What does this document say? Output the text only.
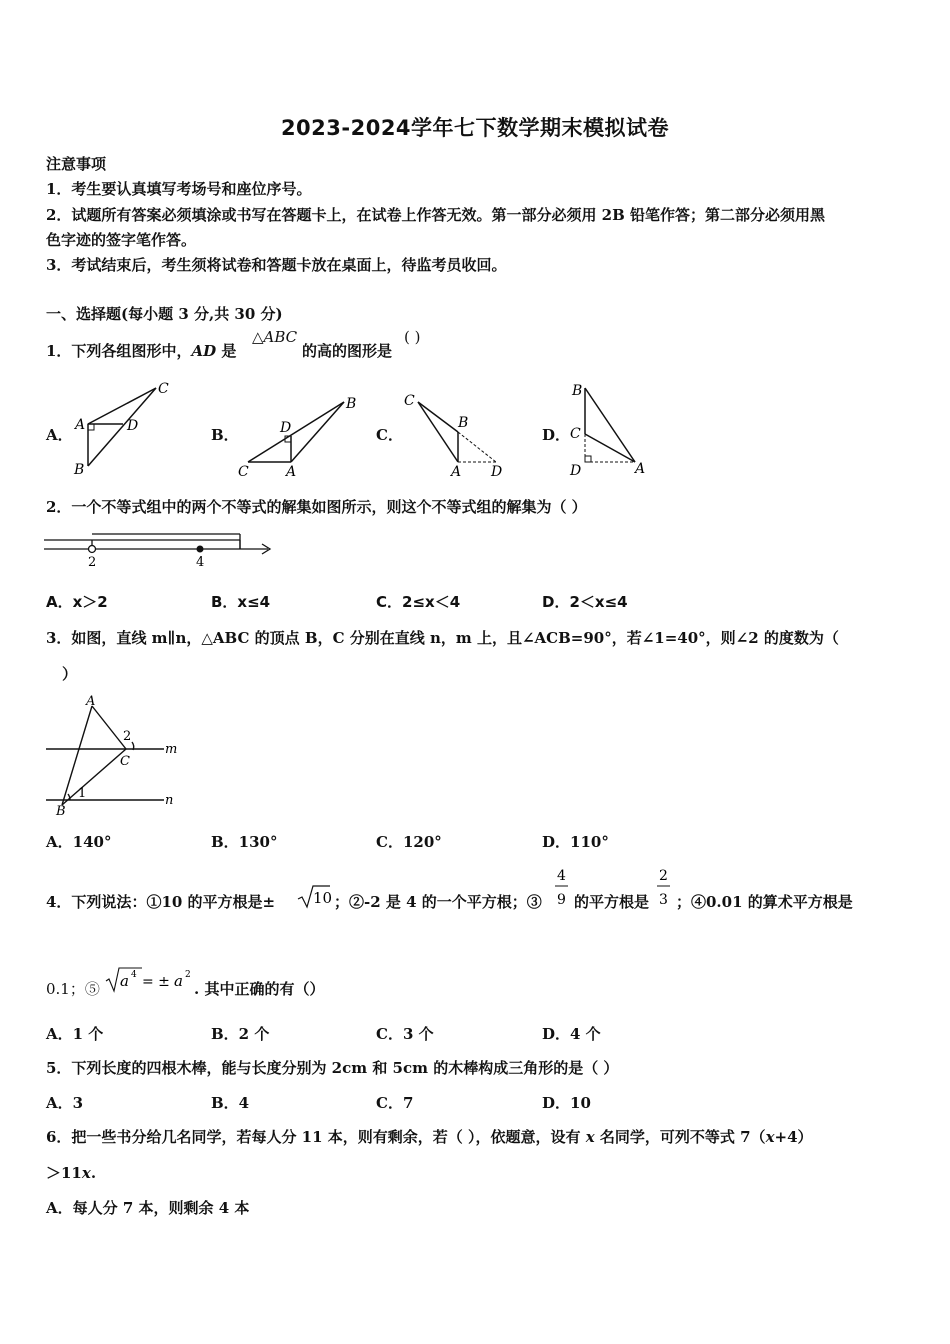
2023-2024学年七下数学期末模拟试卷
注意事项
1．考生要认真填写考场号和座位序号。
2．试题所有答案必须填涂或书写在答题卡上，在试卷上作答无效。第一部分必须用 2B 铅笔作答；第二部分必须用黑
色字迹的签字笔作答。
3．考试结束后，考生须将试卷和答题卡放在桌面上，待监考员收回。
一、选择题(每小题 3 分,共 30 分)
1．下列各组图形中，AD 是
△ABC
的高的图形是
( )
A．	B．	C．	D．
C
A	D
B
D
B
C	A
C
B
A D
B
C
D	A
2．一个不等式组中的两个不等式的解集如图所示，则这个不等式组的解集为（ ）
2	4
A．x＞2	B．x≤4	C．2≤x＜4	D．2＜x≤4
3．如图，直线 m∥n，△ABC 的顶点 B，C 分别在直线 n，m 上，且∠ACB=90°，若∠1=40°，则∠2 的度数为（
）
A
2
m
C
1	n
B
A．140°	B．130°	C．120°	D．110°
4．下列说法：①10 的平方根是±	10 ；②-2 是 4 的一个平方根；③
4
9 的平方根是
2
3 ；④0.01 的算术平方根是
0.1；⑤ a 4 = ± a 2
. 其中正确的有（）
A．1 个	B．2 个	C．3 个	D．4 个
5．下列长度的四根木棒，能与长度分别为 2cm 和 5cm 的木棒构成三角形的是（ ）
A．3	B．4	C．7	D．10
6．把一些书分给几名同学，若每人分 11 本，则有剩余，若（ ），依题意，设有 x 名同学，可列不等式 7（x+4）
＞11x.
A．每人分 7 本，则剩余 4 本
